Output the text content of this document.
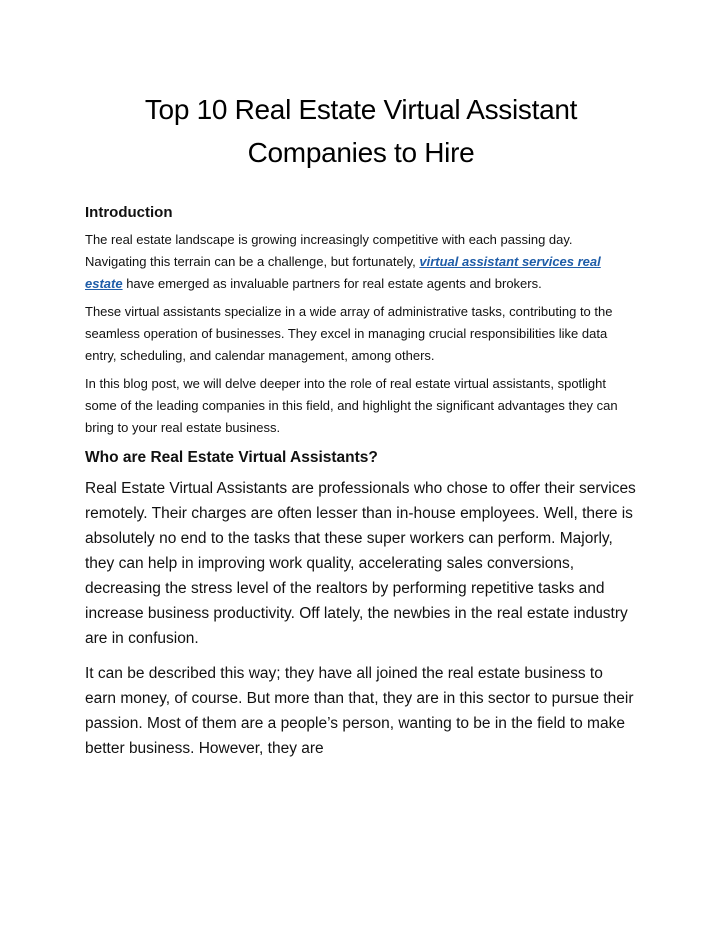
Top 10 Real Estate Virtual Assistant
Companies to Hire
Introduction

The real estate landscape is growing increasingly competitive with each passing day. Navigating this terrain can be a challenge, but fortunately, virtual assistant services real estate have emerged as invaluable partners for real estate agents and brokers.

These virtual assistants specialize in a wide array of administrative tasks, contributing to the seamless operation of businesses. They excel in managing crucial responsibilities like data entry, scheduling, and calendar management, among others.

In this blog post, we will delve deeper into the role of real estate virtual assistants, spotlight some of the leading companies in this field, and highlight the significant advantages they can bring to your real estate business.

Who are Real Estate Virtual Assistants?

Real Estate Virtual Assistants are professionals who chose to offer their services remotely. Their charges are often lesser than in-house employees. Well, there is absolutely no end to the tasks that these super workers can perform. Majorly, they can help in improving work quality, accelerating sales conversions, decreasing the stress level of the realtors by performing repetitive tasks and increase business productivity. Off lately, the newbies in the real estate industry are in confusion.

It can be described this way; they have all joined the real estate business to earn money, of course. But more than that, they are in this sector to pursue their passion. Most of them are a people’s person, wanting to be in the field to make better business. However, they are
